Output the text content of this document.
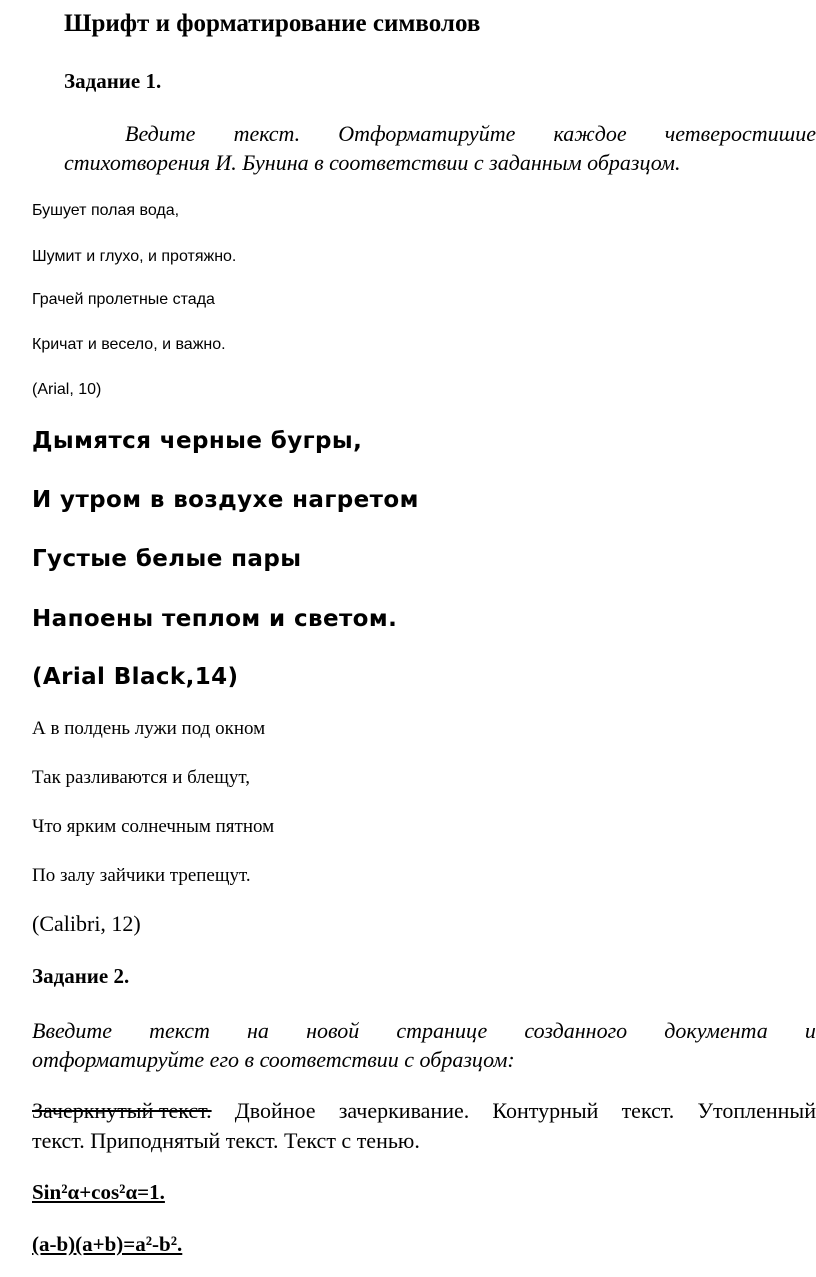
Шрифт и форматирование символов
Задание 1.
Ведите текст. Отформатируйте каждое четверостишие
стихотворения И. Бунина в соответствии с заданным образцом.

Бушует полая вода,

Шумит и глухо, и протяжно.

Грачей пролетные стада

Кричат и весело, и важно.

(Arial, 10)

Дымятся черные бугры,

И утром в воздухе нагретом

Густые белые пары

Напоены теплом и светом.

(Arial Black,14)

А в полдень лужи под окном

Так разливаются и блещут,

Что ярким солнечным пятном

По залу зайчики трепещут.

(Calibri, 12)

Задание 2.
Введите текст на новой странице созданного документа и
отформатируйте его в соответствии с образцом:
Зачеркнутый текст. Двойное зачеркивание. Контурный текст. Утопленный
текст. Приподнятый текст. Текст с тенью.

Sin²α+cos²α=1.

(a-b)(a+b)=a²-b².
